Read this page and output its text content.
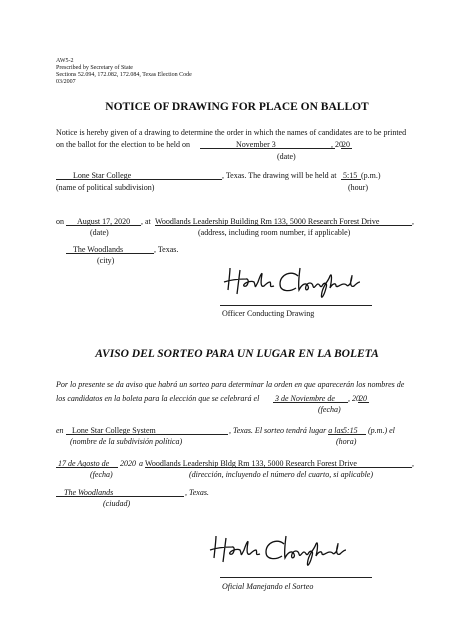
AW5-2
Prescribed by Secretary of State
Sections 52.094, 172.082, 172.084, Texas Election Code
03/2007
NOTICE OF DRAWING FOR PLACE ON BALLOT
Notice is hereby given of a drawing to determine the order in which the names of candidates are to be printed
on the ballot for the election to be held on	November 3	, 20 20
(date)
Lone Star College	, Texas. The drawing will be held at 5:15 (p.m.)
(name of political subdivision)	(hour)
on August 17, 2020 , at Woodlands Leadership Building Rm 133, 5000 Research Forest Drive	,
(date)	(address, including room number, if applicable)
The Woodlands	, Texas.
(city)
Officer Conducting Drawing
AVISO DEL SORTEO PARA UN LUGAR EN LA BOLETA
Por lo presente se da aviso que habrá un sorteo para determinar la orden en que aparecerán los nombres de
los candidatos en la boleta para la elección que se celebrará el 3 de Noviembre de , 20 20
(fecha)
en Lone Star College System	, Texas. El sorteo tendrá lugar a las 5:15 (p.m.) el
(nombre de la subdivisión política)	(hora)
17 de Agosto de 2020 a Woodlands Leadership Bldg Rm 133, 5000 Research Forest Drive	,
(fecha)	(dirección, incluyendo el número del cuarto, si aplicable)
The Woodlands	, Texas.
(ciudad)
Oficial Manejando el Sorteo
